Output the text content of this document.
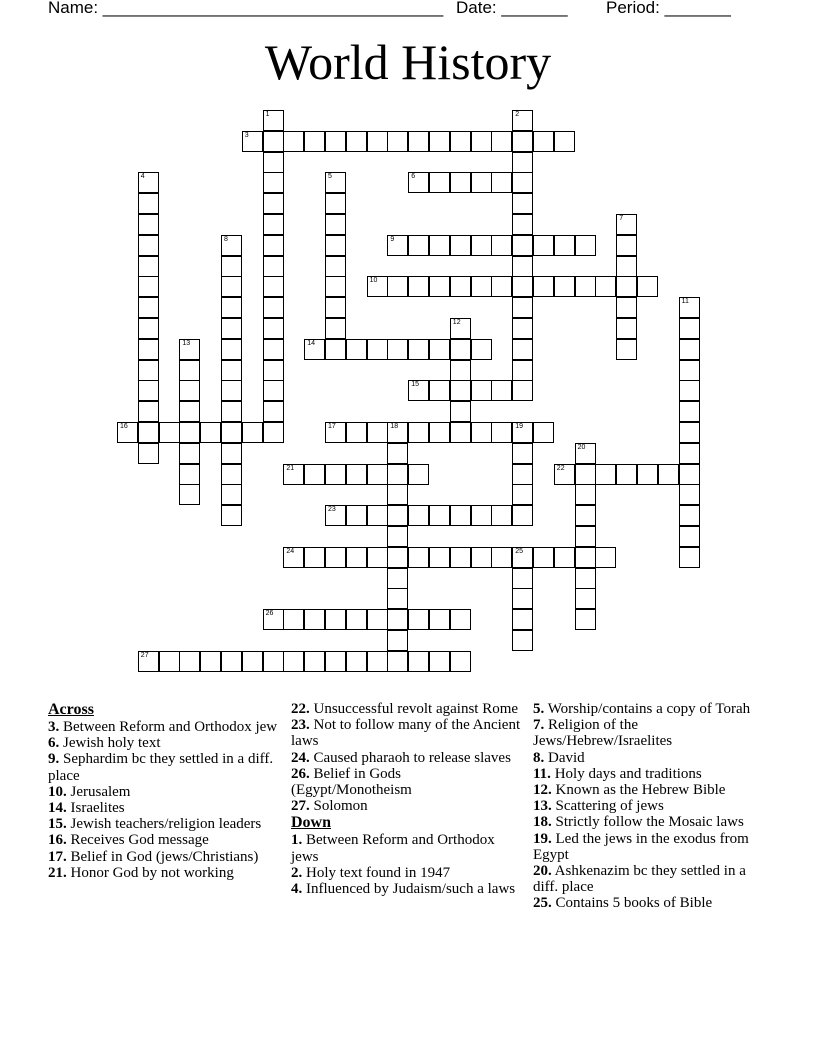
Name: ____________________________________ Date: _______ Period: _______
World History
1	2
3
4	5	6
7
8	9
10
11
12
13	14
15
16	17	18	19
20
21	22
23
24	25
26
27
Across
3. Between Reform and Orthodox jew
6. Jewish holy text
9. Sephardim bc they settled in a diff. place
10. Jerusalem
14. Israelites
15. Jewish teachers/religion leaders
16. Receives God message
17. Belief in God (jews/Christians)
21. Honor God by not working
22. Unsuccessful revolt against Rome
23. Not to follow many of the Ancient laws
24. Caused pharaoh to release slaves
26. Belief in Gods (Egypt/Monotheism
27. Solomon
Down
1. Between Reform and Orthodox jews
2. Holy text found in 1947
4. Influenced by Judaism/such a laws
5. Worship/contains a copy of Torah
7. Religion of the Jews/Hebrew/Israelites
8. David
11. Holy days and traditions
12. Known as the Hebrew Bible
13. Scattering of jews
18. Strictly follow the Mosaic laws
19. Led the jews in the exodus from Egypt
20. Ashkenazim bc they settled in a diff. place
25. Contains 5 books of Bible
